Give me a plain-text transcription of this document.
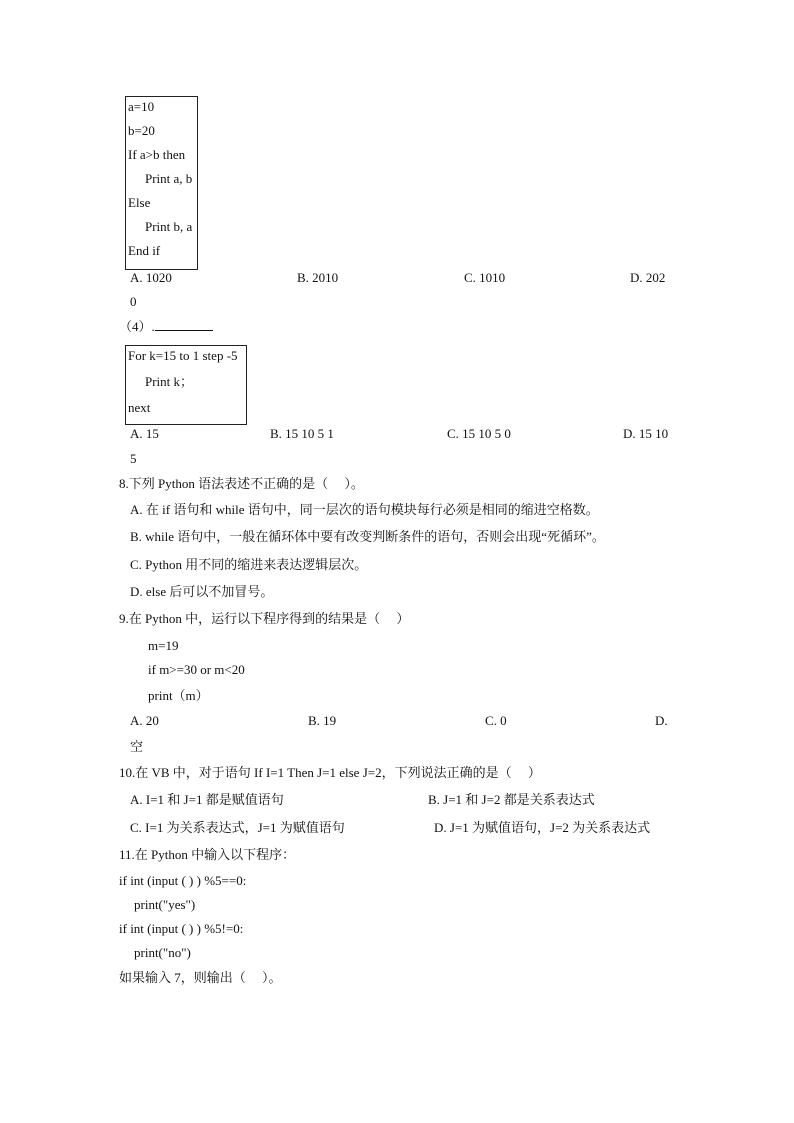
a=10
b=20
If a>b then
Print a, b
Else
Print b, a
End if
A. 1020	B. 2010	C. 1010	D. 202
0
（4）.
For k=15 to 1 step -5
Print k；
next
A. 15	B. 15 10 5 1	C. 15 10 5 0	D. 15 10
5
8.下列 Python 语法表述不正确的是（　 ）。
A. 在 if 语句和 while 语句中，同一层次的语句模块每行必须是相同的缩进空格数。
B. while 语句中，一般在循环体中要有改变判断条件的语句，否则会出现“死循环”。
C. Python 用不同的缩进来表达逻辑层次。
D. else 后可以不加冒号。
9.在 Python 中，运行以下程序得到的结果是（　 ）
m=19
if m>=30 or m<20
print（m）
A. 20	B. 19	C. 0	D.
空
10.在 VB 中，对于语句 If I=1 Then J=1 else J=2，下列说法正确的是（　 ）
A. I=1 和 J=1 都是赋值语句	B. J=1 和 J=2 都是关系表达式
C. I=1 为关系表达式，J=1 为赋值语句	D. J=1 为赋值语句，J=2 为关系表达式
11.在 Python 中输入以下程序：
if int (input ( ) ) %5==0:
print("yes")
if int (input ( ) ) %5!=0:
print("no")
如果输入 7，则输出（　 ）。
